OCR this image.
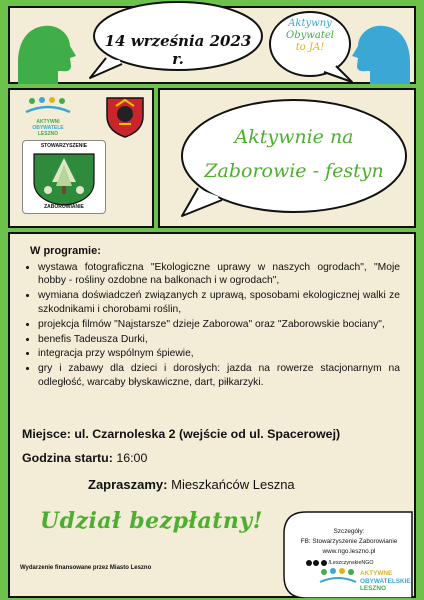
14 września 2023 r.
Aktywny
Obywatel
to JA!
AKTYWNI
OBYWATELE
LESZNO
STOWARZYSZENIE
ZABOROWIANIE
Aktywnie na
Zaborowie - festyn
W programie:
• wystawa fotograficzna "Ekologiczne uprawy w naszych ogrodach", "Moje hobby - rośliny ozdobne na balkonach i w ogrodach",
• wymiana doświadczeń związanych z uprawą, sposobami ekologicznej walki ze szkodnikami i chorobami roślin,
• projekcja filmów "Najstarsze" dzieje Zaborowa" oraz "Zaborowskie bociany",
• benefis Tadeusza Durki,
• integracja przy wspólnym śpiewie,
• gry i zabawy dla dzieci i dorosłych: jazda na rowerze stacjonarnym na odległość, warcaby błyskawiczne, dart, piłkarzyki.
Miejsce: ul. Czarnoleska 2 (wejście od ul. Spacerowej)
Godzina startu: 16:00
Zapraszamy: Mieszkańców Leszna
Udział bezpłatny!
Wydarzenie finansowane przez Miasto Leszno
Szczegóły:
FB: Stowarzyszenie Zaborowianie
www.ngo.leszno.pl
/LeszczynskieNGO
AKTYWNE
OBYWATELSKIE
LESZNO
